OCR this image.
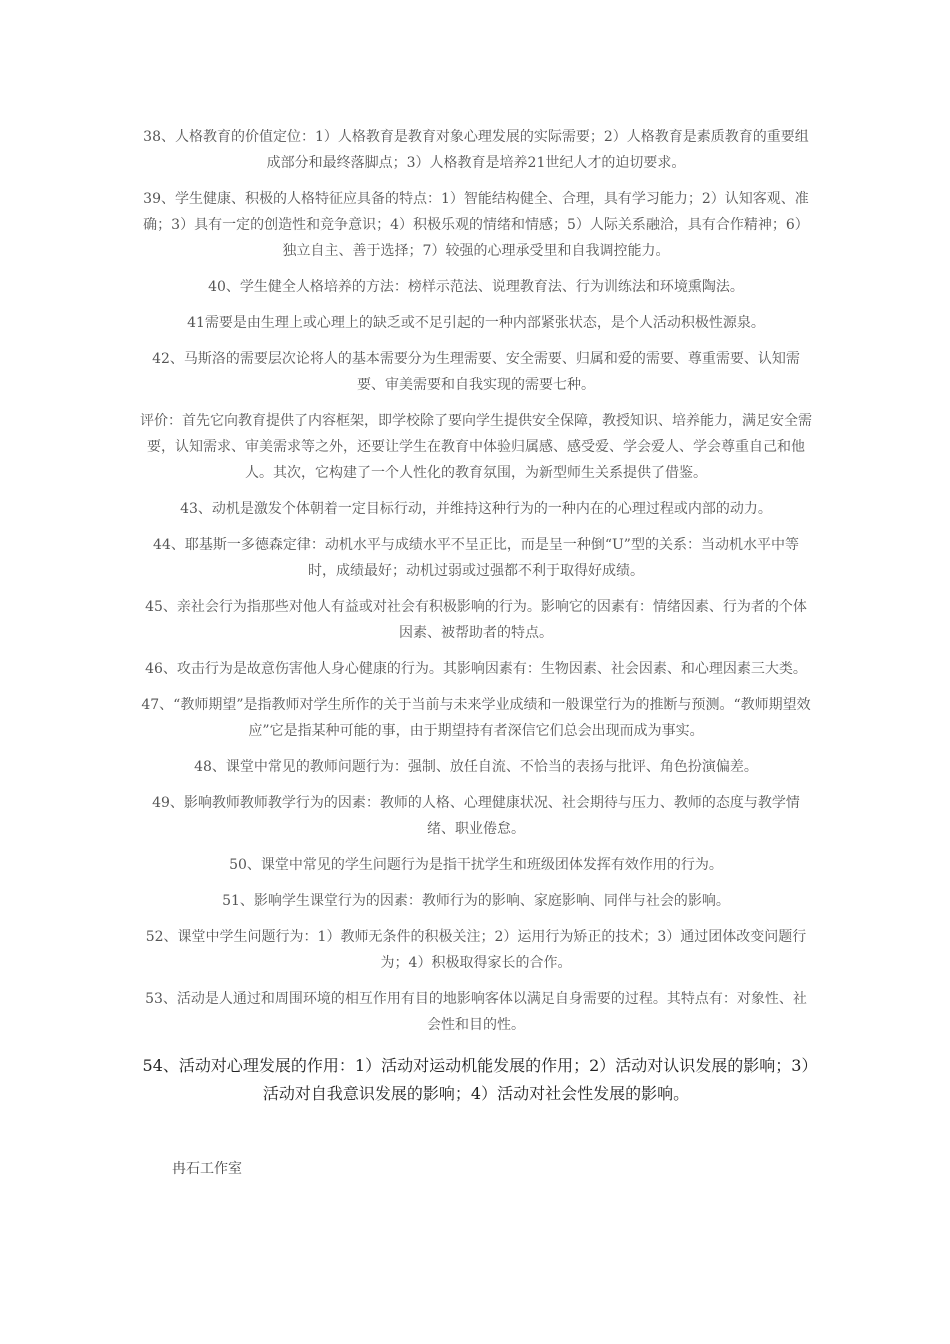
38、人格教育的价值定位：1）人格教育是教育对象心理发展的实际需要；2）人格教育是素质教育的重要组成部分和最终落脚点；3）人格教育是培养21世纪人才的迫切要求。

39、学生健康、积极的人格特征应具备的特点：1）智能结构健全、合理，具有学习能力；2）认知客观、准确；3）具有一定的创造性和竞争意识；4）积极乐观的情绪和情感；5）人际关系融洽，具有合作精神；6）独立自主、善于选择；7）较强的心理承受里和自我调控能力。

40、学生健全人格培养的方法：榜样示范法、说理教育法、行为训练法和环境熏陶法。

41需要是由生理上或心理上的缺乏或不足引起的一种内部紧张状态，是个人活动积极性源泉。

42、马斯洛的需要层次论将人的基本需要分为生理需要、安全需要、归属和爱的需要、尊重需要、认知需要、审美需要和自我实现的需要七种。

评价：首先它向教育提供了内容框架，即学校除了要向学生提供安全保障，教授知识、培养能力，满足安全需要，认知需求、审美需求等之外，还要让学生在教育中体验归属感、感受爱、学会爱人、学会尊重自己和他人。其次，它构建了一个人性化的教育氛围，为新型师生关系提供了借鉴。

43、动机是激发个体朝着一定目标行动，并维持这种行为的一种内在的心理过程或内部的动力。

44、耶基斯一多德森定律：动机水平与成绩水平不呈正比，而是呈一种倒“U”型的关系：当动机水平中等时，成绩最好；动机过弱或过强都不利于取得好成绩。

45、亲社会行为指那些对他人有益或对社会有积极影响的行为。影响它的因素有：情绪因素、行为者的个体因素、被帮助者的特点。

46、攻击行为是故意伤害他人身心健康的行为。其影响因素有：生物因素、社会因素、和心理因素三大类。

47、“教师期望”是指教师对学生所作的关于当前与未来学业成绩和一般课堂行为的推断与预测。“教师期望效应”它是指某种可能的事，由于期望持有者深信它们总会出现而成为事实。

48、课堂中常见的教师问题行为：强制、放任自流、不恰当的表扬与批评、角色扮演偏差。

49、影响教师教师教学行为的因素：教师的人格、心理健康状况、社会期待与压力、教师的态度与教学情绪、职业倦怠。

50、课堂中常见的学生问题行为是指干扰学生和班级团体发挥有效作用的行为。

51、影响学生课堂行为的因素：教师行为的影响、家庭影响、同伴与社会的影响。

52、课堂中学生问题行为：1）教师无条件的积极关注；2）运用行为矫正的技术；3）通过团体改变问题行为；4）积极取得家长的合作。

53、活动是人通过和周围环境的相互作用有目的地影响客体以满足自身需要的过程。其特点有：对象性、社会性和目的性。

54、活动对心理发展的作用：1）活动对运动机能发展的作用；2）活动对认识发展的影响；3）活动对自我意识发展的影响；4）活动对社会性发展的影响。

冉石工作室
